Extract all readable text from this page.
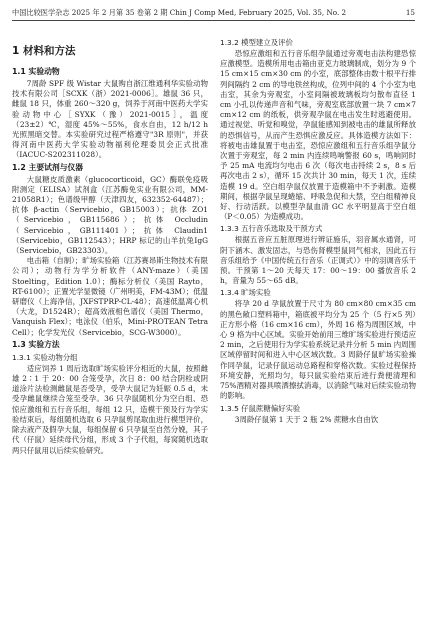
中国比较医学杂志 2025 年 2 月第 35 卷第 2 期 Chin J Comp Med, February 2025, Vol. 35, No. 2	15
1 材料和方法
1.1 实验动物

7周龄 SPF 级 Wistar 大鼠购自浙江维通利华实验动物技术有限公司［SCXK（浙）2021-0006］。雄鼠 36 只，雌鼠 18 只，体重 260～320 g，饲养于河南中医药大学实验动物中心［SYXK（豫）2021-0015］，温度（23±2）℃，湿度 45%～55%，食水自由，12 h/12 h 光照黑暗交替。本实验研究过程严格遵守"3R 原则"，并获得河南中医药大学实验动物福利伦理委员会正式批准（IACUC-S202311028）。

1.2 主要试剂与仪器

大鼠糖皮质激素（glucocorticoid，GC）酶联免疫吸附测定（ELISA）试剂盒（江苏酶免实业有限公司，MM-21058R1）；色谱级甲醇（天津四友，632352-64487）；抗体 β-actin（Servicebio，GB15003）；抗体 ZO1（Servicebio，GB115686）；抗体 Occludin（Servicebio，GB111401）；抗体 Claudin1（Servicebio，GB112543）；HRP 标记的山羊抗兔IgG（Servicebio，GB23303）。

电击箱（自制）；旷场实验箱（江苏赛昂斯生物技术有限公司）；动物行为学分析软件（ANY-maze）（美国 Stoelting，Edition 1.0）；酶标分析仪（美国 Rayto，RT-6100）；正置光学显微镜（广州明美，FM-43M）；低温研磨仪（上海净信，JXFSTPRP-CL-48）；高速低温离心机（大龙，D1524R）；超高效液相色谱仪（美国 Thermo，Vanquish Flex）；电泳仪（伯乐，Mini-PROTEAN Tetra Cell）；化学发光仪（Servicebio，SCG-W3000）。

1.3 实验方法
1.3.1 实验动物分组

适应饲养 1 周后选取旷场实验评分相近的大鼠，按照雌雄 2∶1 于 20：00 合笼受孕，次日 8：00 结合阴栓或阴道涂片法检测雌鼠是否受孕，受孕大鼠记为妊娠 0.5 d，未受孕雌鼠继续合笼至受孕。36 只孕鼠随机分为空白组、恐惊应激组和五行音乐组，每组 12 只，造模干预及行为学实验结束后，每组随机选取 6 只孕鼠剪尾取血进行模型评价，除去液产及假孕大鼠，每组保留 6 只孕鼠至自然分娩，其子代（仔鼠）延续母代分组，形成 3 个子代组，每窝随机选取两只仔鼠用以后续实验研究。

1.3.2 模型建立及评价

恐惊应激组和五行音乐组孕鼠通过旁观电击法构建恐惊应激模型。造模所用电击箱由亚克力玻璃制成，划分为 9 个 15 cm×15 cm×30 cm 的小室，底部整体由数十根平行排列间隔约 2 cm 的导电铁丝构成，位列中间的 4 个小室为电击室，其余为旁观室，小室间隔被玻璃板均匀散布直径 1 cm 小孔以传递声音和气味，旁观室底部放置一块 7 cm×7 cm×12 cm 的纸板，供旁观孕鼠在电击发生时逃避使用。通过视觉、听觉和嗅觉，孕鼠能感知到被电击的雄鼠所释放的恐惧信号，从而产生恐惧应激反应。具体造模方法如下：将被电击雄鼠置于电击室，恐惊应激组和五行音乐组孕鼠分次置于旁观室，每 2 min 内连续鸣响警报 60 s，鸣响同时予 25 mA 电流均匀电击 6 次（每次电击持续 2 s，8 s 后再次电击 2 s），循环 15 次共计 30 min，每天 1 次，连续造模 19 d。空白组孕鼠仅放置于造模箱中不予刺激。造模期间，根据孕鼠呈现蜷缩、呼吸急促和大禁，空白组精神良好、行动活跃。以模型孕鼠血清 GC 水平明显高于空白组（P＜0.05）为造模成功。

1.3.3 五行音乐选取及干预方式

根据五音应五脏原理进行辨证施乐，羽音属水通肾，可阴下涵木、激发固志，与恐伤肾模型鼠同气相求，因此五行音乐组给予《中国传统五行音乐（正调式）》中的羽调音乐干预。干预第 1～20 天每天 17：00～19：00 播放音乐 2 h，音量为 55～65 dB。

1.3.4 旷场实验

将孕 20 d 孕鼠放置于尺寸为 80 cm×80 cm×35 cm 的黑色敞口塑料箱中，箱底被平均分为 25 个（5 行×5 列）正方形小格（16 cm×16 cm），外周 16 格为周围区域，中心 9 格为中心区域。实验开始前用三维旷场实验进行预适应 2 min，之后使用行为学实验系统记录并分析 5 min 内周围区域停留时间和进入中心区域次数。3 周龄仔鼠旷场实验操作同孕鼠，记录仔鼠运动总路程和穿格次数。实验过程保持环境安静，光照均匀，每只鼠实验结束后进行粪便清理和 75%酒精对器具喷洒擦拭消毒，以消除气味对后续实验动物的影响。

1.3.5 仔鼠蔗糖偏好实验

3周龄仔鼠第 1 天于 2 瓶 2% 蔗糖水自由饮
